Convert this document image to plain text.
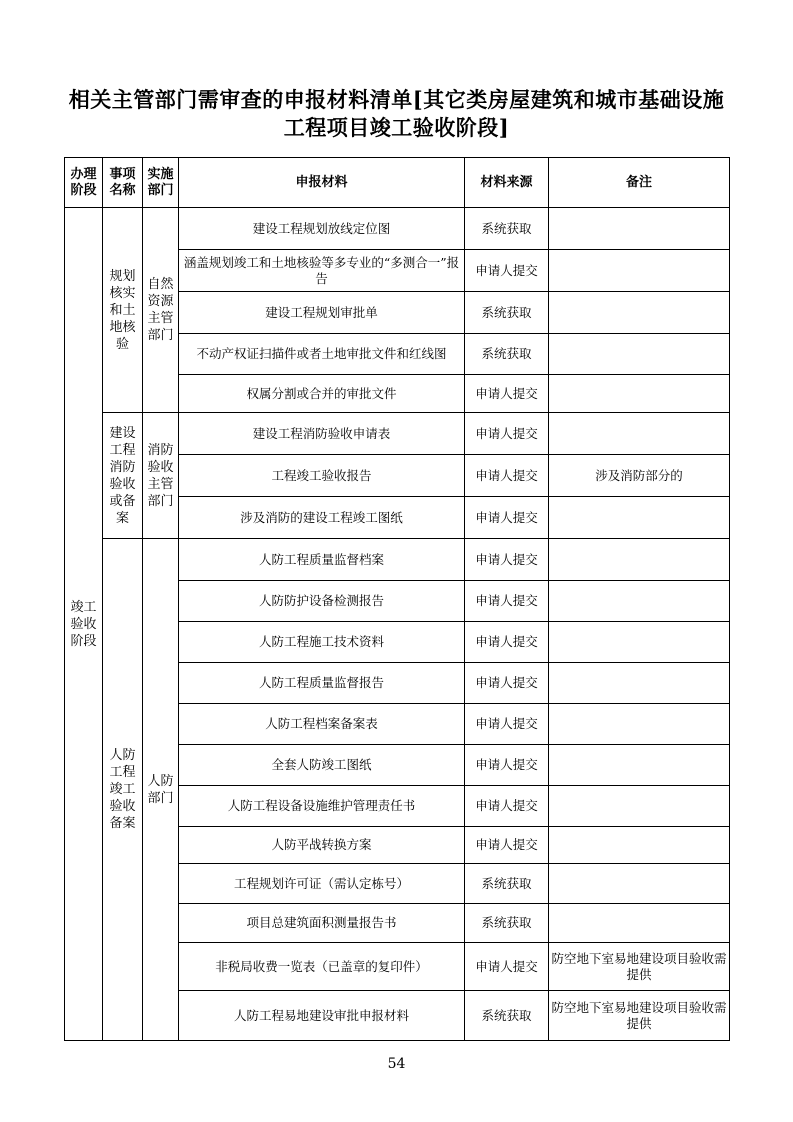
相关主管部门需审查的申报材料清单[其它类房屋建筑和城市基础设施
工程项目竣工验收阶段]
办理阶段	事项名称	实施部门	申报材料	材料来源	备注

竣工验收阶段	规划核实和土地核验	自然资源主管部门	建设工程规划放线定位图	系统获取	
			涵盖规划竣工和土地核验等多专业的“多测合一”报告	申请人提交	
			建设工程规划审批单	系统获取	
			不动产权证扫描件或者土地审批文件和红线图	系统获取	
			权属分割或合并的审批文件	申请人提交	

	建设工程消防验收或备案	消防验收主管部门	建设工程消防验收申请表	申请人提交	
			工程竣工验收报告	申请人提交	涉及消防部分的
			涉及消防的建设工程竣工图纸	申请人提交	

	人防工程竣工验收备案	人防部门	人防工程质量监督档案	申请人提交	
			人防防护设备检测报告	申请人提交	
			人防工程施工技术资料	申请人提交	
			人防工程质量监督报告	申请人提交	
			人防工程档案备案表	申请人提交	
			全套人防竣工图纸	申请人提交	
			人防工程设备设施维护管理责任书	申请人提交	
			人防平战转换方案	申请人提交	
			工程规划许可证（需认定栋号）	系统获取	
			项目总建筑面积测量报告书	系统获取	
			非税局收费一览表（已盖章的复印件）	申请人提交	防空地下室易地建设项目验收需提供
			人防工程易地建设审批申报材料	系统获取	防空地下室易地建设项目验收需提供
54
